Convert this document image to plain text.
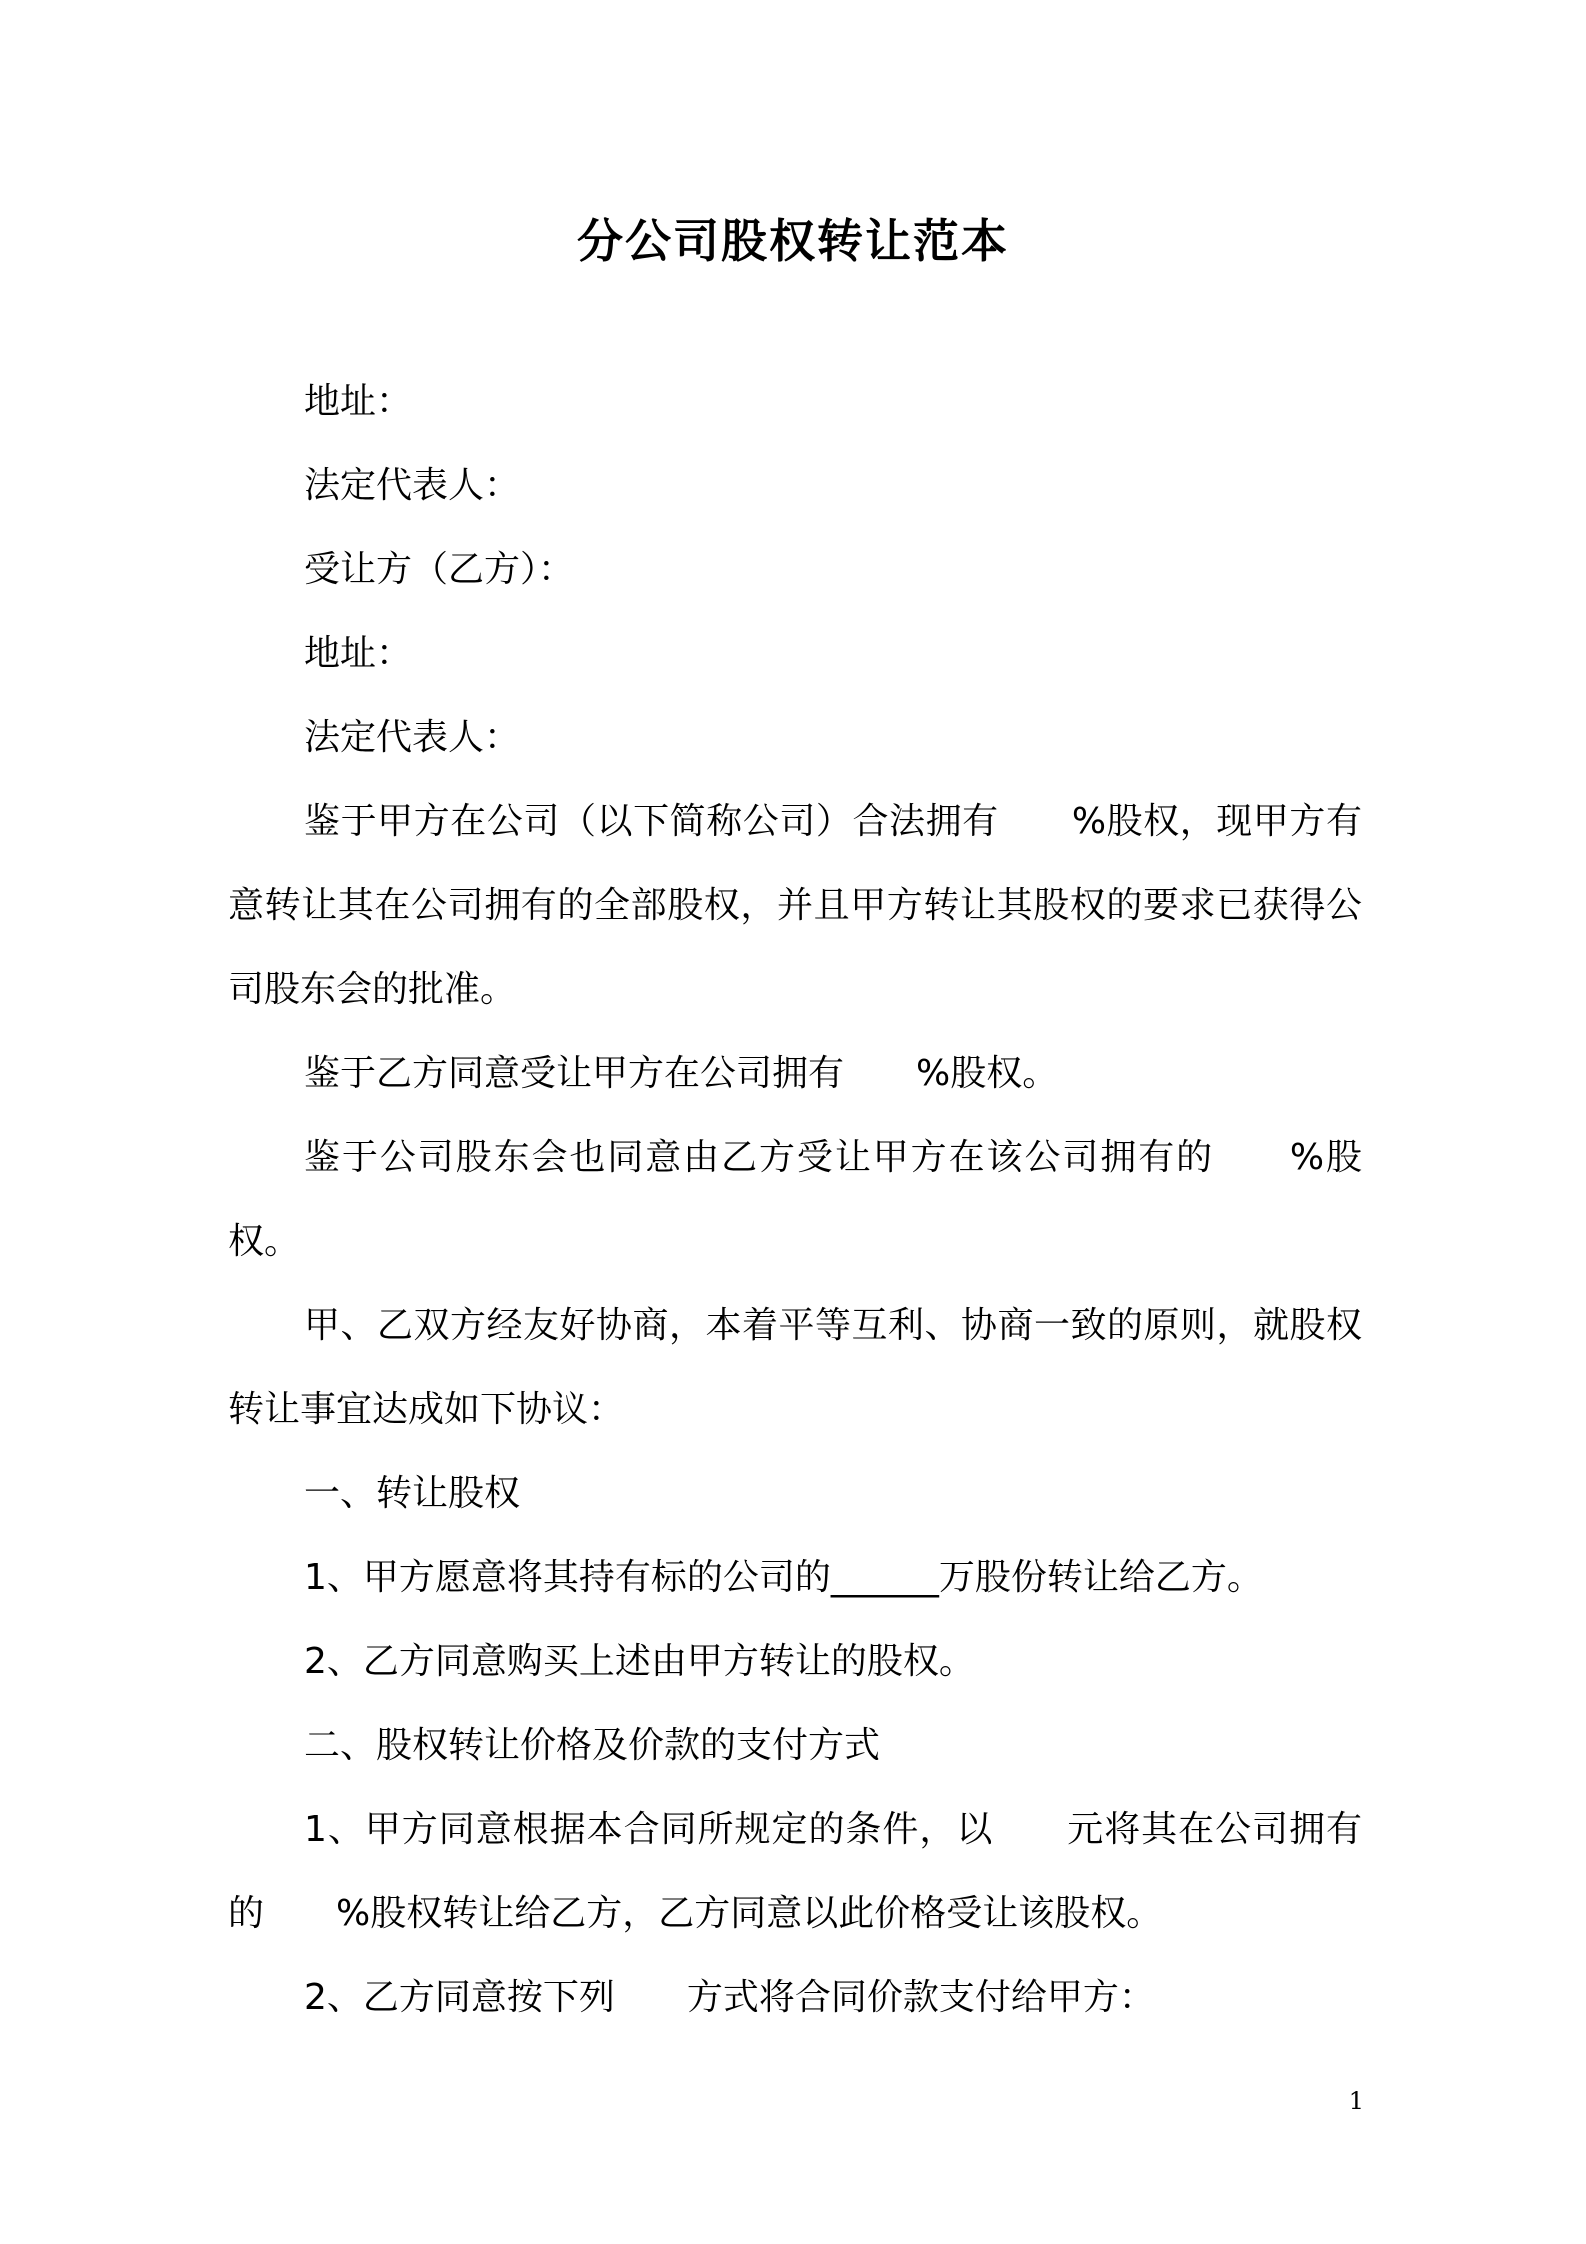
分公司股权转让范本

地址：

法定代表人：

受让方（乙方）：

地址：

法定代表人：

鉴于甲方在公司（以下简称公司）合法拥有　　%股权，现甲方有意转让其在公司拥有的全部股权，并且甲方转让其股权的要求已获得公司股东会的批准。

鉴于乙方同意受让甲方在公司拥有　　%股权。

鉴于公司股东会也同意由乙方受让甲方在该公司拥有的　　%股权。

甲、乙双方经友好协商，本着平等互利、协商一致的原则，就股权转让事宜达成如下协议：

一、转让股权

1、甲方愿意将其持有标的公司的______万股份转让给乙方。

2、乙方同意购买上述由甲方转让的股权。

二、股权转让价格及价款的支付方式

1、甲方同意根据本合同所规定的条件，以　　元将其在公司拥有的　　%股权转让给乙方，乙方同意以此价格受让该股权。

2、乙方同意按下列　　方式将合同价款支付给甲方：

1
